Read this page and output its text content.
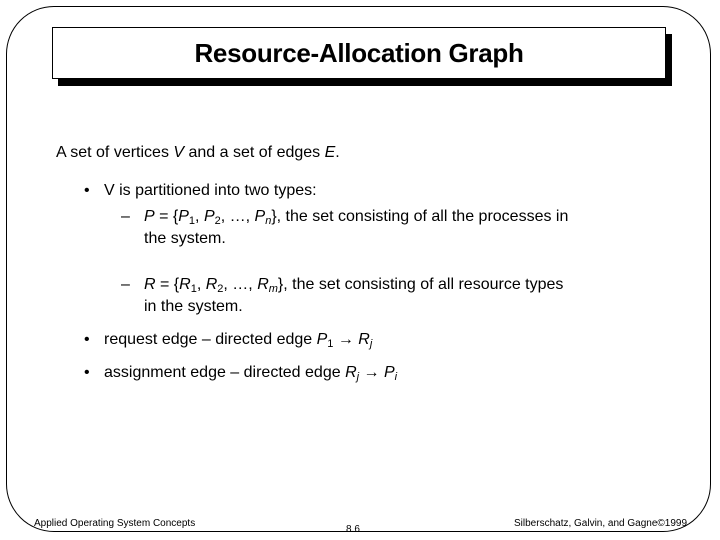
Resource-Allocation Graph
A set of vertices V and a set of edges E.
• V is partitioned into two types:
– $P = \{P_1$, $P_2$, …, $P_n$}, the set consisting of all the processes in
the system.
– $R = \{R_1$, $R_2$, …, $R_m$}, the set consisting of all resource types
in the system.
• request edge – directed edge $P_1 \to R_j$
• assignment edge – directed edge $R_j \to P_i$
Applied Operating System Concepts
8.6
Silberschatz, Galvin, and Gagne©1999
